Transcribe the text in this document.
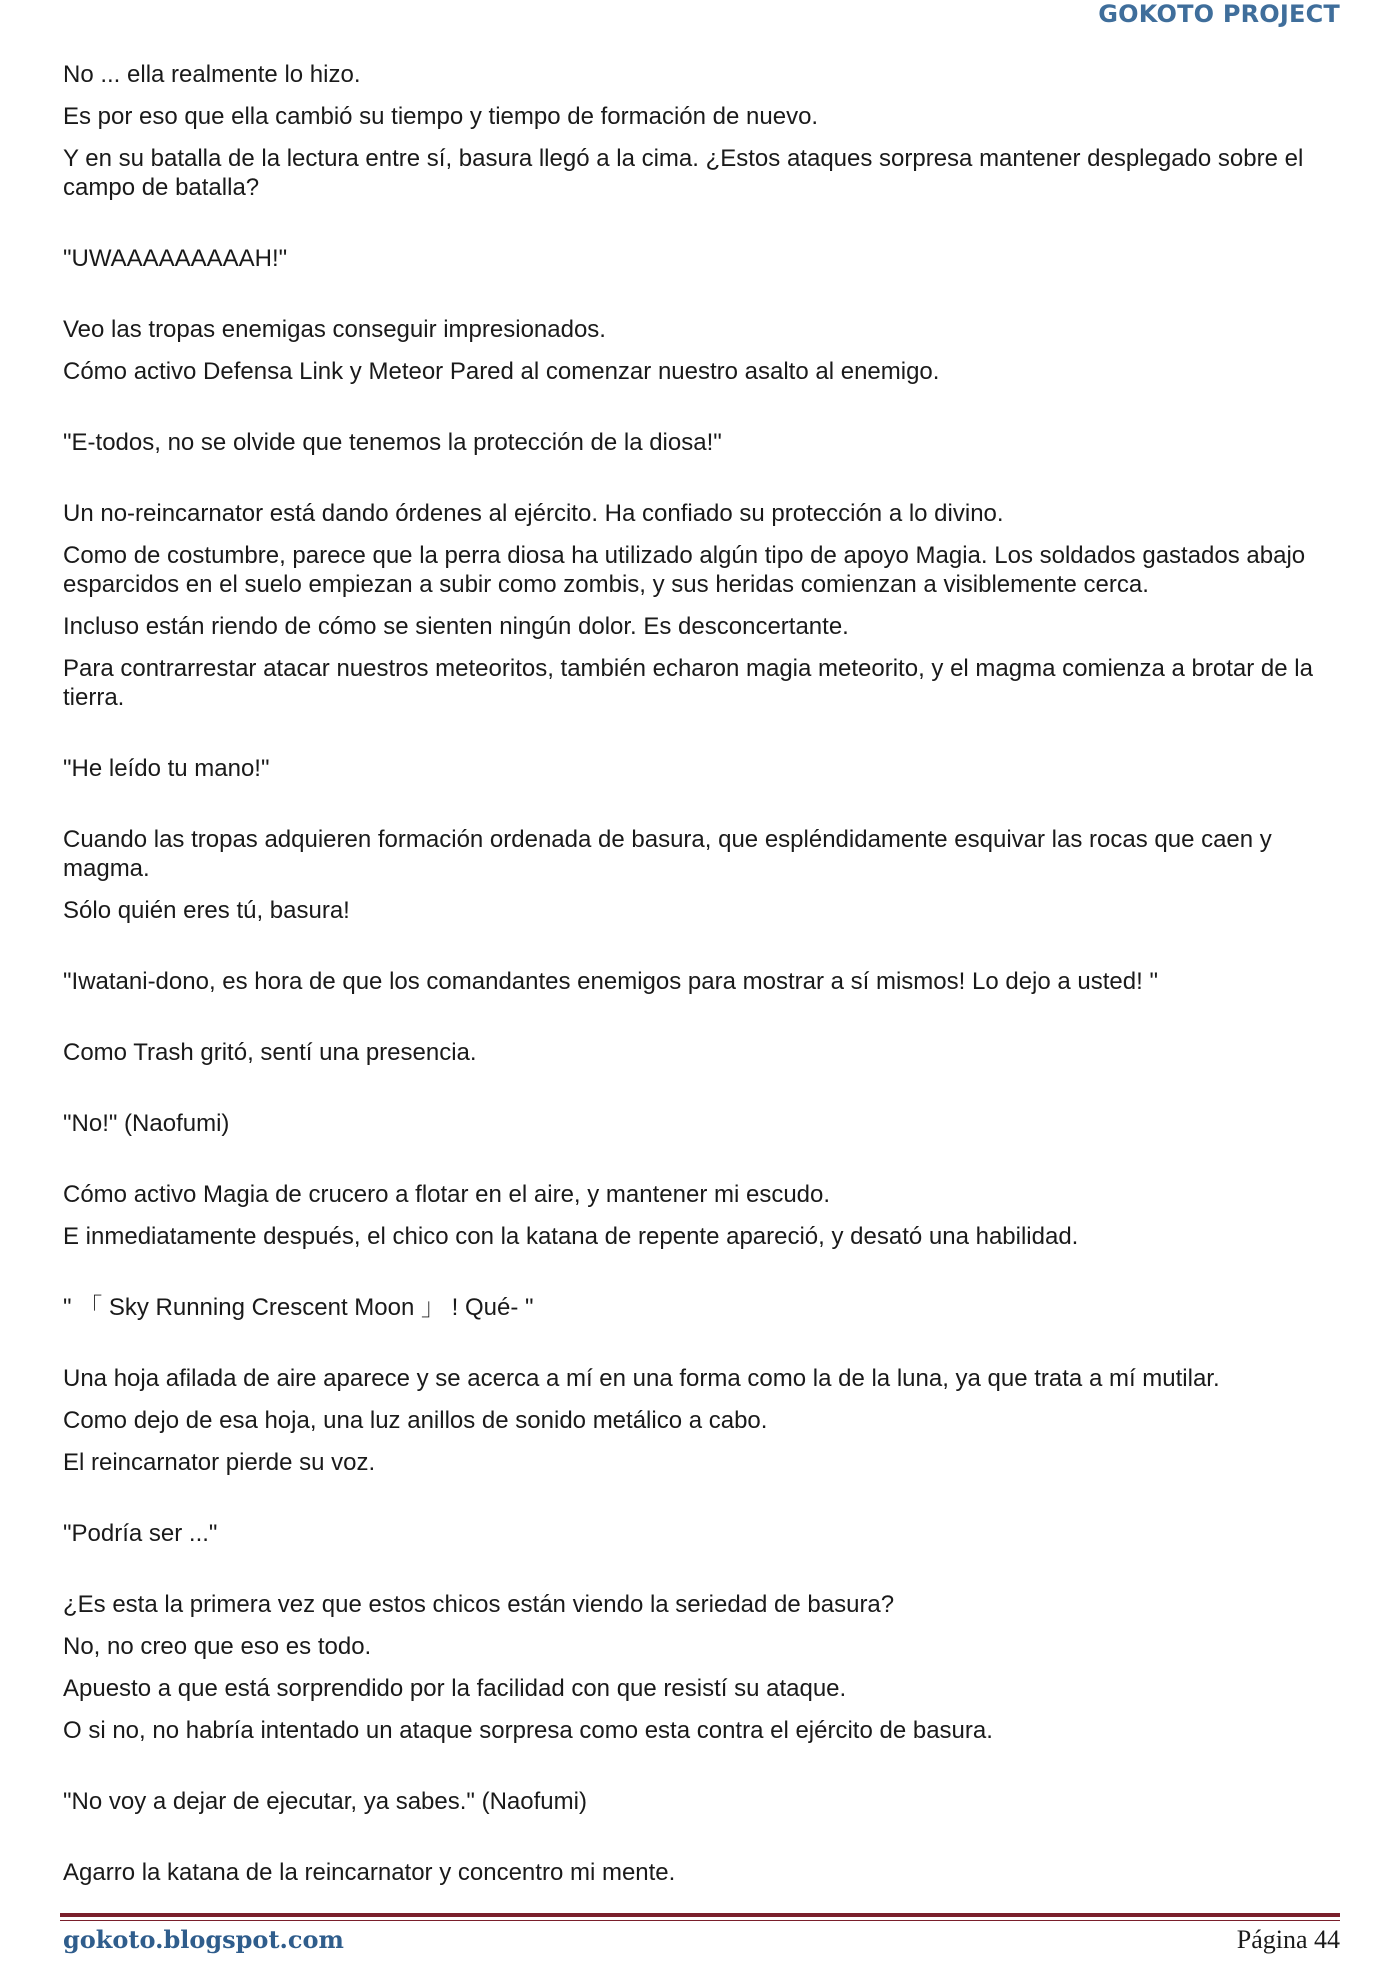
GOKOTO PROJECT

No ... ella realmente lo hizo.

Es por eso que ella cambió su tiempo y tiempo de formación de nuevo.

Y en su batalla de la lectura entre sí, basura llegó a la cima. ¿Estos ataques sorpresa mantener desplegado sobre el campo de batalla?

"UWAAAAAAAAAH!"

Veo las tropas enemigas conseguir impresionados.

Cómo activo Defensa Link y Meteor Pared al comenzar nuestro asalto al enemigo.

"E-todos, no se olvide que tenemos la protección de la diosa!"

Un no-reincarnator está dando órdenes al ejército. Ha confiado su protección a lo divino.

Como de costumbre, parece que la perra diosa ha utilizado algún tipo de apoyo Magia. Los soldados gastados abajo esparcidos en el suelo empiezan a subir como zombis, y sus heridas comienzan a visiblemente cerca.

Incluso están riendo de cómo se sienten ningún dolor. Es desconcertante.

Para contrarrestar atacar nuestros meteoritos, también echaron magia meteorito, y el magma comienza a brotar de la tierra.

"He leído tu mano!"

Cuando las tropas adquieren formación ordenada de basura, que espléndidamente esquivar las rocas que caen y magma.

Sólo quién eres tú, basura!

"Iwatani-dono, es hora de que los comandantes enemigos para mostrar a sí mismos! Lo dejo a usted! "

Como Trash gritó, sentí una presencia.

"No!" (Naofumi)

Cómo activo Magia de crucero a flotar en el aire, y mantener mi escudo.

E inmediatamente después, el chico con la katana de repente apareció, y desató una habilidad.

" 「 Sky Running Crescent Moon 」 ! Qué- "

Una hoja afilada de aire aparece y se acerca a mí en una forma como la de la luna, ya que trata a mí mutilar.

Como dejo de esa hoja, una luz anillos de sonido metálico a cabo.

El reincarnator pierde su voz.

"Podría ser ..."

¿Es esta la primera vez que estos chicos están viendo la seriedad de basura?

No, no creo que eso es todo.

Apuesto a que está sorprendido por la facilidad con que resistí su ataque.

O si no, no habría intentado un ataque sorpresa como esta contra el ejército de basura.

"No voy a dejar de ejecutar, ya sabes." (Naofumi)

Agarro la katana de la reincarnator y concentro mi mente.

gokoto.blogspot.com	Página 44
